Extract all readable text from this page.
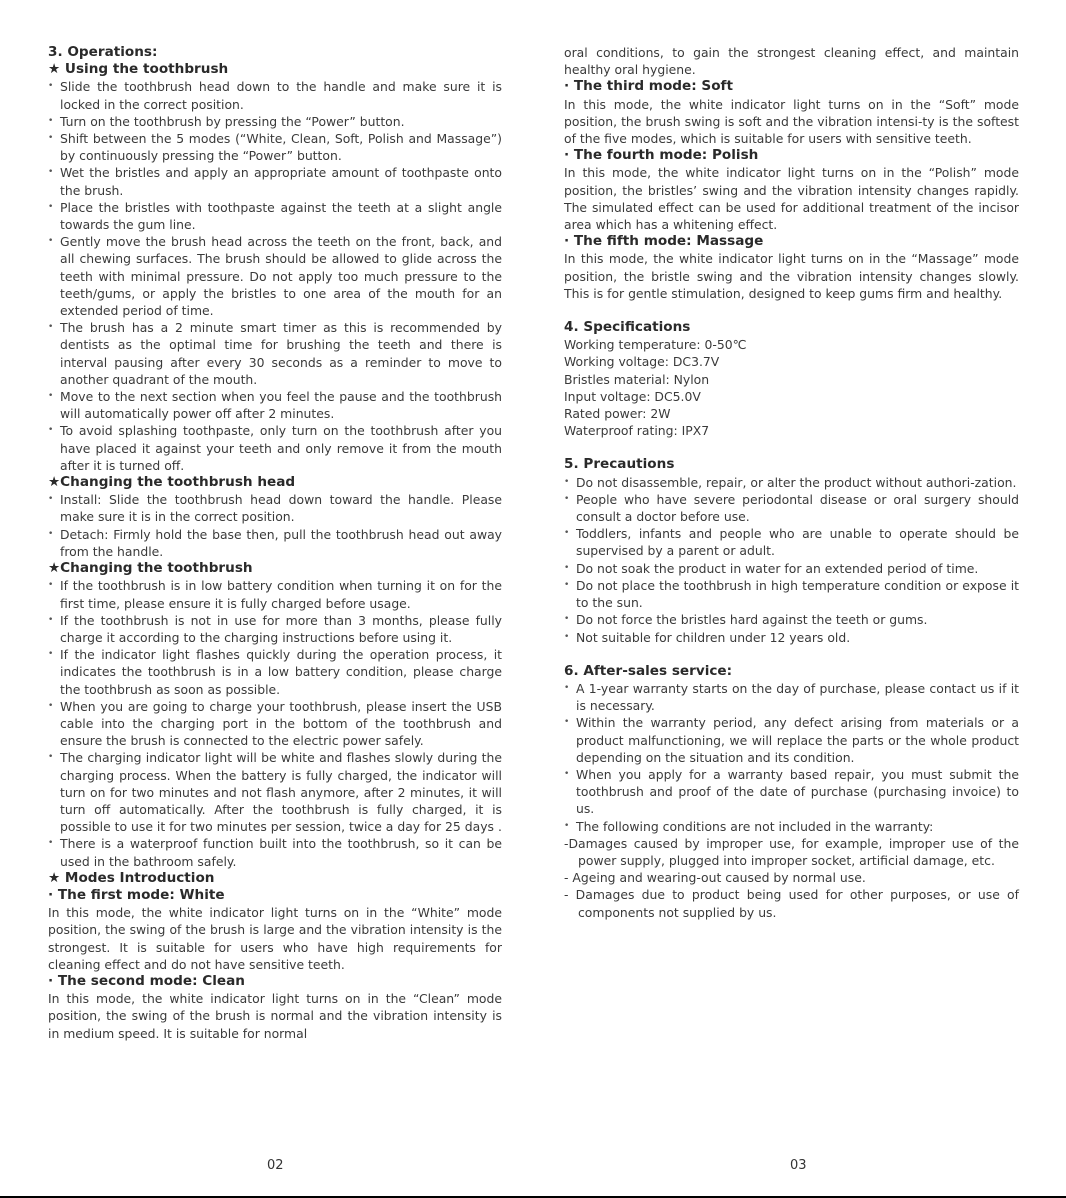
3. Operations:

★ Using the toothbrush

• Slide the toothbrush head down to the handle and make sure it is locked in the correct position.

• Turn on the toothbrush by pressing the “Power” button.

• Shift between the 5 modes (“White, Clean, Soft, Polish and Massage”) by continuously pressing the “Power” button.

• Wet the bristles and apply an appropriate amount of toothpaste onto the brush.

• Place the bristles with toothpaste against the teeth at a slight angle towards the gum line.

• Gently move the brush head across the teeth on the front, back, and all chewing surfaces. The brush should be allowed to glide across the teeth with minimal pressure. Do not apply too much pressure to the teeth/gums, or apply the bristles to one area of the mouth for an extended period of time.

• The brush has a 2 minute smart timer as this is recommended by dentists as the optimal time for brushing the teeth and there is interval pausing after every 30 seconds as a reminder to move to another quadrant of the mouth.

• Move to the next section when you feel the pause and the toothbrush will automatically power off after 2 minutes.

• To avoid splashing toothpaste, only turn on the toothbrush after you have placed it against your teeth and only remove it from the mouth after it is turned off.

★Changing the toothbrush head

• Install: Slide the toothbrush head down toward the handle. Please make sure it is in the correct position.

• Detach: Firmly hold the base then, pull the toothbrush head out away from the handle.

★Changing the toothbrush

• If the toothbrush is in low battery condition when turning it on for the first time, please ensure it is fully charged before usage.

• If the toothbrush is not in use for more than 3 months, please fully charge it according to the charging instructions before using it.

• If the indicator light flashes quickly during the operation process, it indicates the toothbrush is in a low battery condition, please charge the toothbrush as soon as possible.

• When you are going to charge your toothbrush, please insert the USB cable into the charging port in the bottom of the toothbrush and ensure the brush is connected to the electric power safely.

• The charging indicator light will be white and flashes slowly during the charging process. When the battery is fully charged, the indicator will turn on for two minutes and not flash anymore, after 2 minutes, it will turn off automatically. After the toothbrush is fully charged, it is possible to use it for two minutes per session, twice a day for 25 days .

• There is a waterproof function built into the toothbrush, so it can be used in the bathroom safely.

★ Modes Introduction

· The first mode: White

In this mode, the white indicator light turns on in the “White” mode position, the swing of the brush is large and the vibration intensity is the strongest. It is suitable for users who have high requirements for cleaning effect and do not have sensitive teeth.

· The second mode: Clean

In this mode, the white indicator light turns on in the “Clean” mode position, the swing of the brush is normal and the vibration intensity is in medium speed. It is suitable for normal

oral conditions, to gain the strongest cleaning effect, and maintain healthy oral hygiene.

· The third mode: Soft

In this mode, the white indicator light turns on in the “Soft” mode position, the brush swing is soft and the vibration intensi-ty is the softest of the five modes, which is suitable for users with sensitive teeth.

· The fourth mode: Polish

In this mode, the white indicator light turns on in the “Polish” mode position, the bristles’ swing and the vibration intensity changes rapidly. The simulated effect can be used for additional treatment of the incisor area which has a whitening effect.

· The fifth mode: Massage

In this mode, the white indicator light turns on in the “Massage” mode position, the bristle swing and the vibration intensity changes slowly. This is for gentle stimulation, designed to keep gums firm and healthy.

4. Specifications

Working temperature: 0-50℃

Working voltage: DC3.7V

Bristles material: Nylon

Input voltage: DC5.0V

Rated power: 2W

Waterproof rating: IPX7

5. Precautions

• Do not disassemble, repair, or alter the product without authori-zation.

• People who have severe periodontal disease or oral surgery should consult a doctor before use.

• Toddlers, infants and people who are unable to operate should be supervised by a parent or adult.

• Do not soak the product in water for an extended period of time.

• Do not place the toothbrush in high temperature condition or expose it to the sun.

• Do not force the bristles hard against the teeth or gums.

• Not suitable for children under 12 years old.

6. After-sales service:

• A 1-year warranty starts on the day of purchase, please contact us if it is necessary.

• Within the warranty period, any defect arising from materials or a product malfunctioning, we will replace the parts or the whole product depending on the situation and its condition.

• When you apply for a warranty based repair, you must submit the toothbrush and proof of the date of purchase (purchasing invoice) to us.

• The following conditions are not included in the warranty:

-Damages caused by improper use, for example, improper use of the power supply, plugged into improper socket, artificial damage, etc.

- Ageing and wearing-out caused by normal use.

- Damages due to product being used for other purposes, or use of components not supplied by us.

02	03
